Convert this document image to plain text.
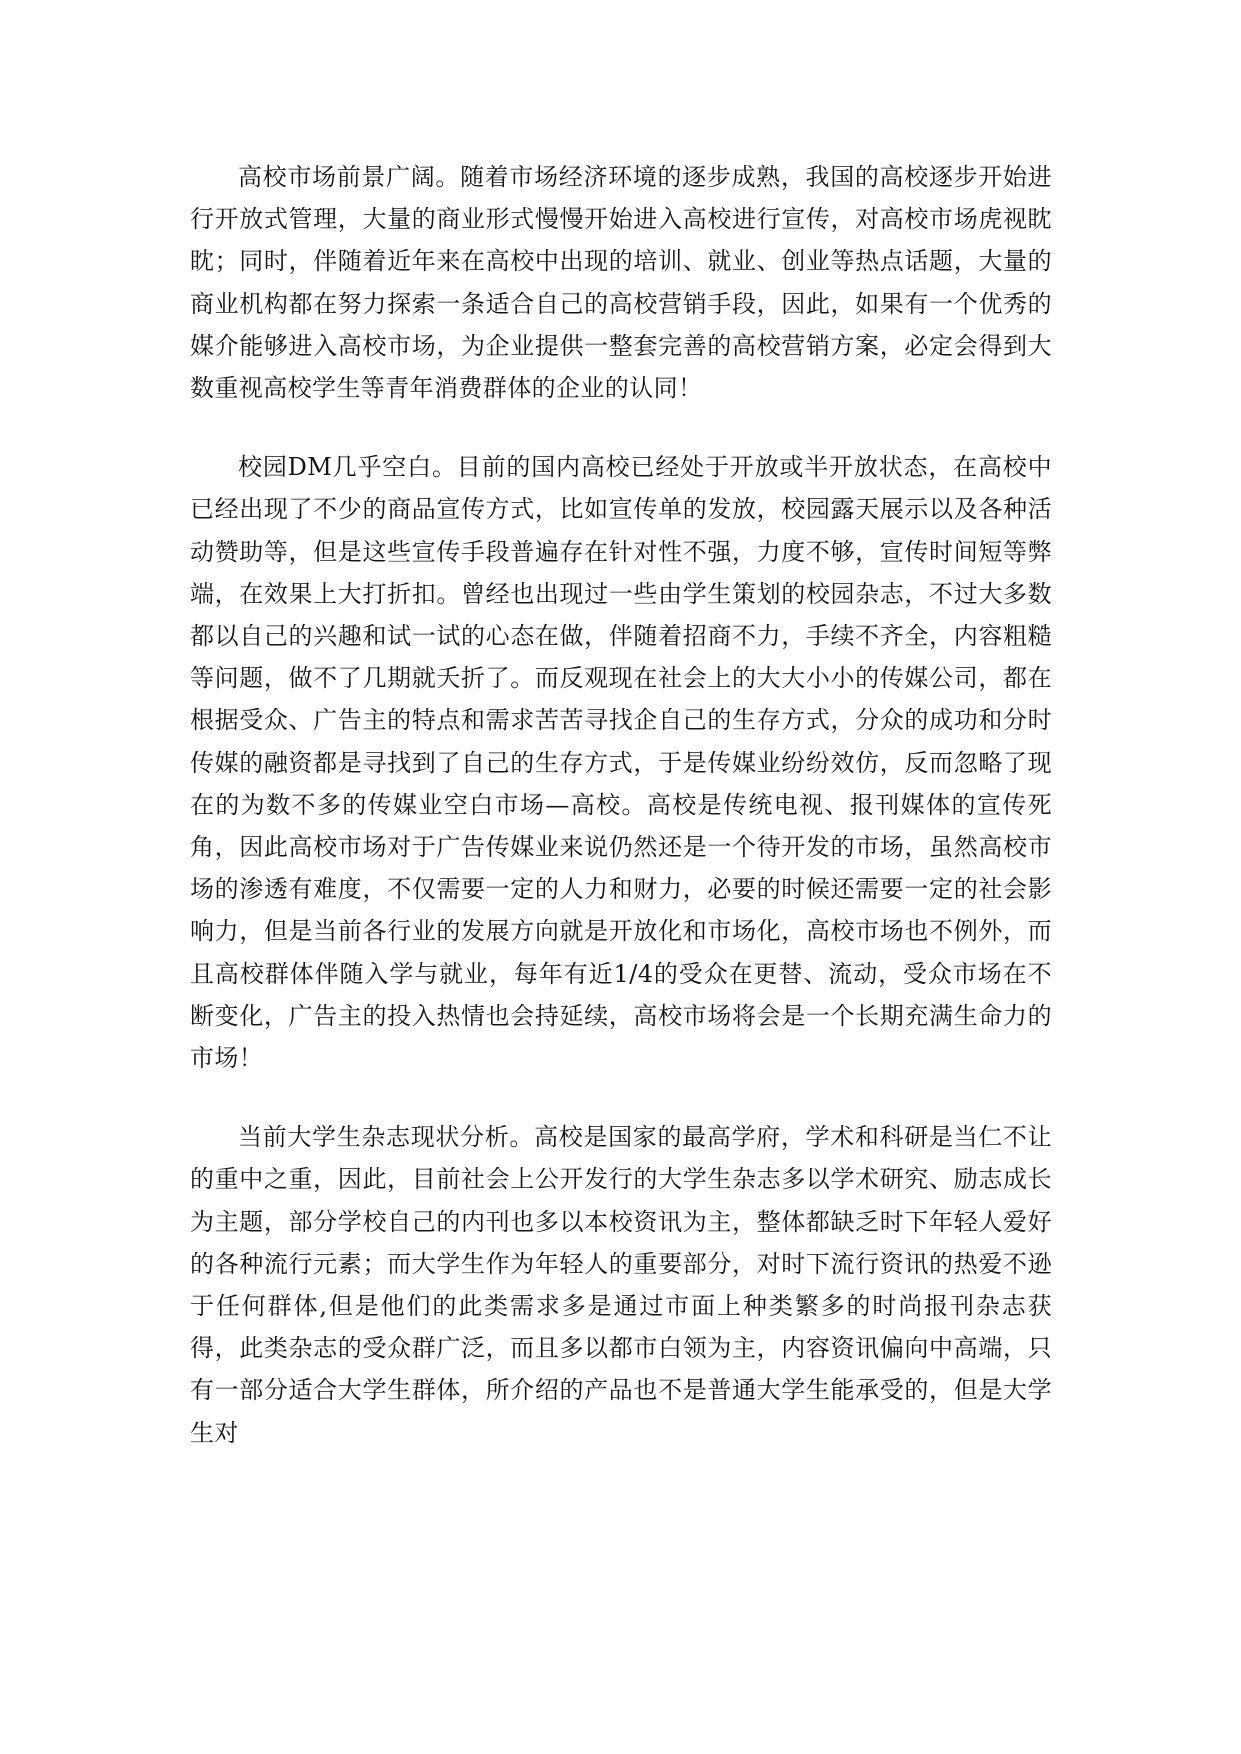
高校市场前景广阔。随着市场经济环境的逐步成熟，我国的高校逐步开始进行开放式管理，大量的商业形式慢慢开始进入高校进行宣传，对高校市场虎视眈眈；同时，伴随着近年来在高校中出现的培训、就业、创业等热点话题，大量的商业机构都在努力探索一条适合自己的高校营销手段，因此，如果有一个优秀的媒介能够进入高校市场，为企业提供一整套完善的高校营销方案，必定会得到大数重视高校学生等青年消费群体的企业的认同！

校园DM几乎空白。目前的国内高校已经处于开放或半开放状态，在高校中已经出现了不少的商品宣传方式，比如宣传单的发放，校园露天展示以及各种活动赞助等，但是这些宣传手段普遍存在针对性不强，力度不够，宣传时间短等弊端，在效果上大打折扣。曾经也出现过一些由学生策划的校园杂志，不过大多数都以自己的兴趣和试一试的心态在做，伴随着招商不力，手续不齐全，内容粗糙等问题，做不了几期就夭折了。而反观现在社会上的大大小小的传媒公司，都在根据受众、广告主的特点和需求苦苦寻找企自己的生存方式，分众的成功和分时传媒的融资都是寻找到了自己的生存方式，于是传媒业纷纷效仿，反而忽略了现在的为数不多的传媒业空白市场—高校。高校是传统电视、报刊媒体的宣传死角，因此高校市场对于广告传媒业来说仍然还是一个待开发的市场，虽然高校市场的渗透有难度，不仅需要一定的人力和财力，必要的时候还需要一定的社会影响力，但是当前各行业的发展方向就是开放化和市场化，高校市场也不例外，而且高校群体伴随入学与就业，每年有近1/4的受众在更替、流动，受众市场在不断变化，广告主的投入热情也会持延续，高校市场将会是一个长期充满生命力的市场！

当前大学生杂志现状分析。高校是国家的最高学府，学术和科研是当仁不让的重中之重，因此，目前社会上公开发行的大学生杂志多以学术研究、励志成长为主题，部分学校自己的内刊也多以本校资讯为主，整体都缺乏时下年轻人爱好的各种流行元素；而大学生作为年轻人的重要部分，对时下流行资讯的热爱不逊于任何群体,但是他们的此类需求多是通过市面上种类繁多的时尚报刊杂志获得，此类杂志的受众群广泛，而且多以都市白领为主，内容资讯偏向中高端，只有一部分适合大学生群体，所介绍的产品也不是普通大学生能承受的，但是大学生对
